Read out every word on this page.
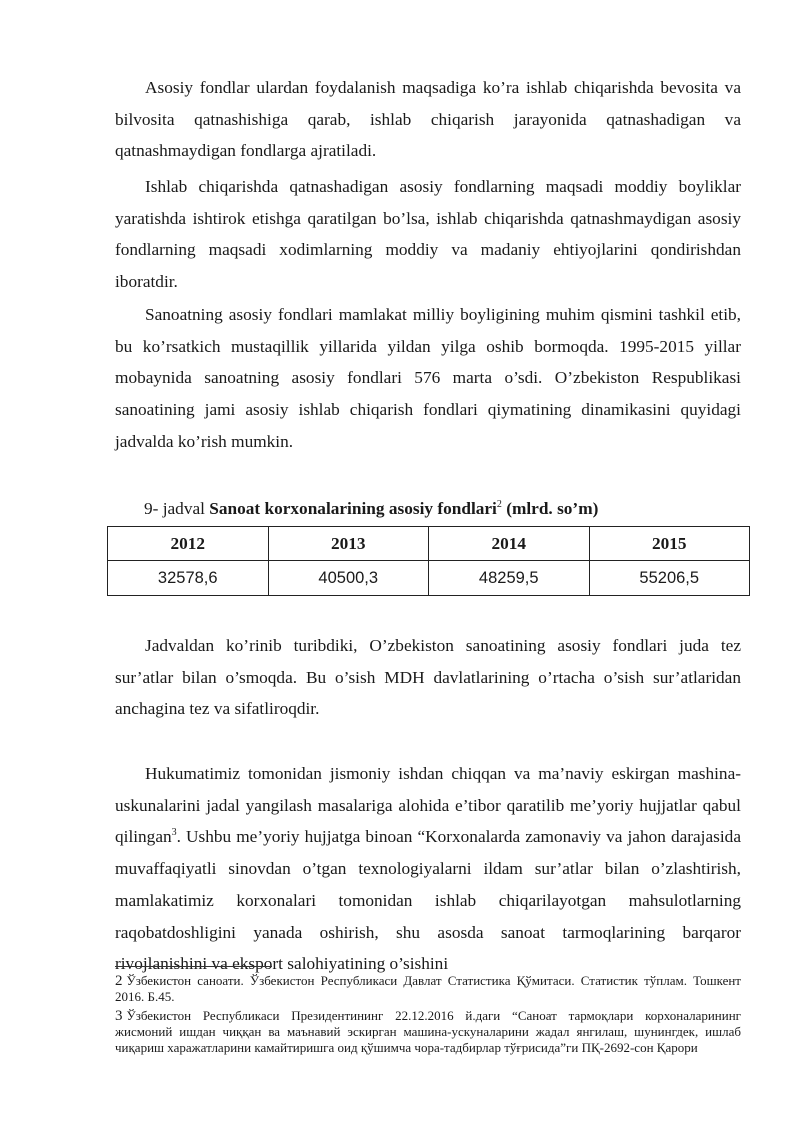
Asosiy fondlar ulardan foydalanish maqsadiga ko’ra ishlab chiqarishda bevosita va bilvosita qatnashishiga qarab, ishlab chiqarish jarayonida qatnashadigan va qatnashmaydigan fondlarga ajratiladi.

Ishlab chiqarishda qatnashadigan asosiy fondlarning maqsadi moddiy boyliklar yaratishda ishtirok etishga qaratilgan bo’lsa, ishlab chiqarishda qatnashmaydigan asosiy fondlarning maqsadi xodimlarning moddiy va madaniy ehtiyojlarini qondirishdan iboratdir.

Sanoatning asosiy fondlari mamlakat milliy boyligining muhim qismini tashkil etib, bu ko’rsatkich mustaqillik yillarida yildan yilga oshib bormoqda. 1995-2015 yillar mobaynida sanoatning asosiy fondlari 576 marta o’sdi. O’zbekiston Respublikasi sanoatining jami asosiy ishlab chiqarish fondlari qiymatining dinamikasini quyidagi jadvalda ko’rish mumkin.

9- jadval Sanoat korxonalarining asosiy fondlari$^2$ (mlrd. so’m)
2012	2013	2014	2015
32578,6	40500,3	48259,5	55206,5

Jadvaldan ko’rinib turibdiki, O’zbekiston sanoatining asosiy fondlari juda tez sur’atlar bilan o’smoqda. Bu o’sish MDH davlatlarining o’rtacha o’sish sur’atlaridan anchagina tez va sifatliroqdir.

Hukumatimiz tomonidan jismoniy ishdan chiqqan va ma’naviy eskirgan mashina-uskunalarini jadal yangilash masalariga alohida e’tibor qaratilib me’yoriy hujjatlar qabul qilingan$^3$. Ushbu me’yoriy hujjatga binoan “Korxonalarda zamonaviy va jahon darajasida muvaffaqiyatli sinovdan o’tgan texnologiyalarni ildam sur’atlar bilan o’zlashtirish, mamlakatimiz korxonalari tomonidan ishlab chiqarilayotgan mahsulotlarning raqobatdoshligini yanada oshirish, shu asosda sanoat tarmoqlarining barqaror rivojlanishini va eksport salohiyatining o’sishini

2 Ўзбекистон саноати. Ўзбекистон Республикаси Давлат Статистика Қўмитаси. Статистик тўплам. Тошкент 2016. Б.45.
3 Ўзбекистон Республикаси Президентининг 22.12.2016 й.даги “Саноат тармоқлари корхоналарининг жисмоний ишдан чиққан ва маънавий эскирган машина-ускуналарини жадал янгилаш, шунингдек, ишлаб чиқариш харажатларини камайтиришга оид қўшимча чора-тадбирлар тўғрисида”ги ПҚ-2692-сон Қарори
